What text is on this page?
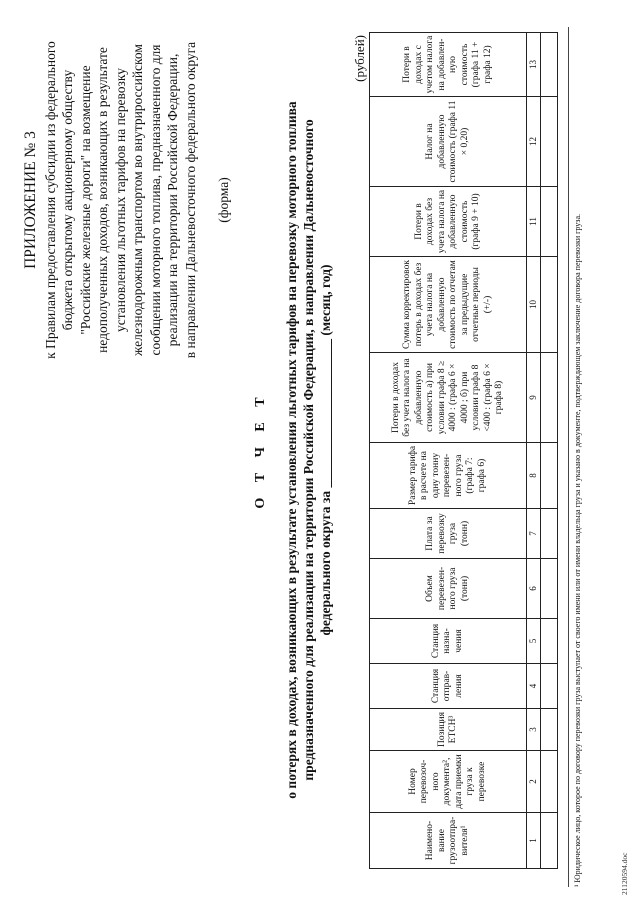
ПРИЛОЖЕНИЕ № 3 к Правилам предоставления субсидии из федерального бюджета открытому акционерному обществу "Российские железные дороги" на возмещение недополученных доходов, возникающих в результате установления льготных тарифов на перевозку железнодорожным транспортом во внутрироссийском сообщении моторного топлива, предназначенного для реализации на территории Российской Федерации, в направлении Дальневосточного федерального округа (форма)
О Т Ч Е Т о потерях в доходах, возникающих в результате установления льготных тарифов на перевозку моторного топлива предназначенного для реализации на территории Российской Федерации, в направлении Дальневосточного федерального округа за ______________________ (месяц, год)
(рублей)
Наимено-вание грузоотпра-вителя¹	Номер перевозоч-ного документа², дата приемки груза к перевозке	Позиция ЕТСН³	Станция отправ-ления	Станция назна-чения	Объем перевезен-ного груза (тонн)	Плата за перевозку груза (тонн)	Размер тарифа в расчете на одну тонну перевезен-ного груза (графа 7: графа 6)	Потери в доходах без учета налога на добавленную стоимость а) при условии графа 8 ≥ 4000 : (графа 6 × 4000 ; б) при условии графа 8 <400 : (графа 6 × графа 8)	Сумма корректировок потерь в доходах без учета налога на добавленную стоимость по отчетам за предыдущие отчетные периоды (+/-)	Потери в доходах без учета налога на добавленную стоимость (графа 9 + 10)	Налог на добавленную стоимость (графа 11 × 0,20)	Потери в доходах с учетом налога на добавлен-ную стоимость (графа 11 + графа 12)
1	2	3	4	5	6	7	8	9	10	11	12	13

¹ Юридическое лицо, которое по договору перевозки груза выступает от своего имени или от имени владельца груза и указано в документе, подтверждающем заключение договора перевозки груза.	21120594.doc
